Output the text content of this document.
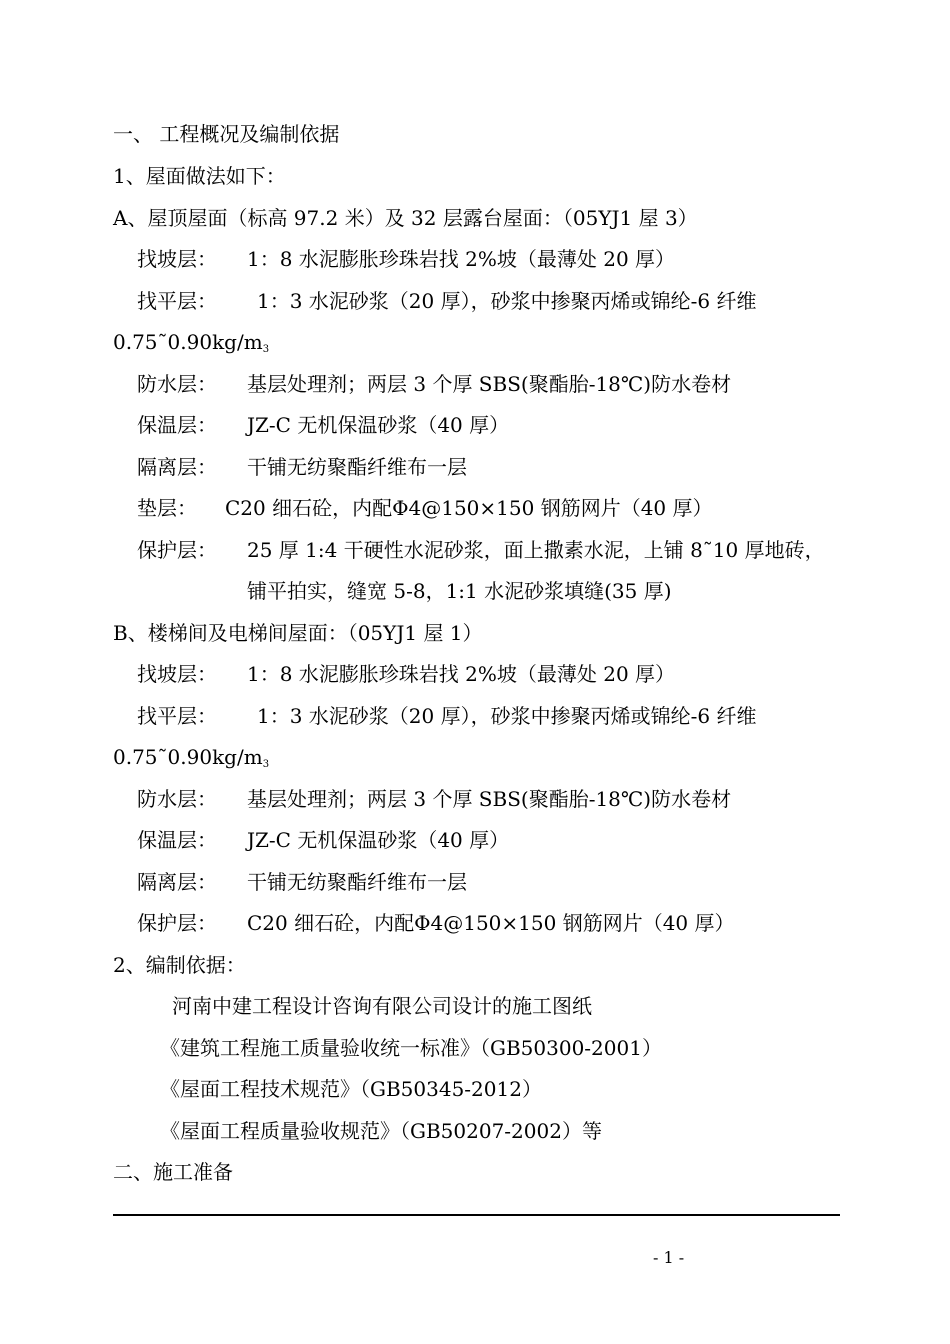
一、 工程概况及编制依据
1、屋面做法如下：
A、屋顶屋面（标高 97.2 米）及 32 层露台屋面：（05YJ1 屋 3）
找坡层： 1：8 水泥膨胀珍珠岩找 2%坡（最薄处 20 厚）
找平层： 1：3 水泥砂浆（20 厚），砂浆中掺聚丙烯或锦纶-6 纤维
$0.75˜0.90kg/m_3$
防水层： 基层处理剂；两层 3 个厚 SBS(聚酯胎-18℃)防水卷材
保温层： JZ-C 无机保温砂浆（40 厚）
隔离层： 干铺无纺聚酯纤维布一层
垫层： C20 细石砼，内配Φ4@150×150 钢筋网片（40 厚）
保护层： 25 厚 1:4 干硬性水泥砂浆，面上撒素水泥，上铺 8˜10 厚地砖，
铺平拍实，缝宽 5-8，1:1 水泥砂浆填缝(35 厚)
B、楼梯间及电梯间屋面：（05YJ1 屋 1）
找坡层： 1：8 水泥膨胀珍珠岩找 2%坡（最薄处 20 厚）
找平层： 1：3 水泥砂浆（20 厚），砂浆中掺聚丙烯或锦纶-6 纤维
$0.75˜0.90kg/m_3$
防水层： 基层处理剂；两层 3 个厚 SBS(聚酯胎-18℃)防水卷材
保温层： JZ-C 无机保温砂浆（40 厚）
隔离层： 干铺无纺聚酯纤维布一层
保护层： C20 细石砼，内配Φ4@150×150 钢筋网片（40 厚）
2、编制依据：
河南中建工程设计咨询有限公司设计的施工图纸
《建筑工程施工质量验收统一标准》（GB50300-2001）
《屋面工程技术规范》（GB50345-2012）
《屋面工程质量验收规范》（GB50207-2002）等
二、施工准备
- 1 -
